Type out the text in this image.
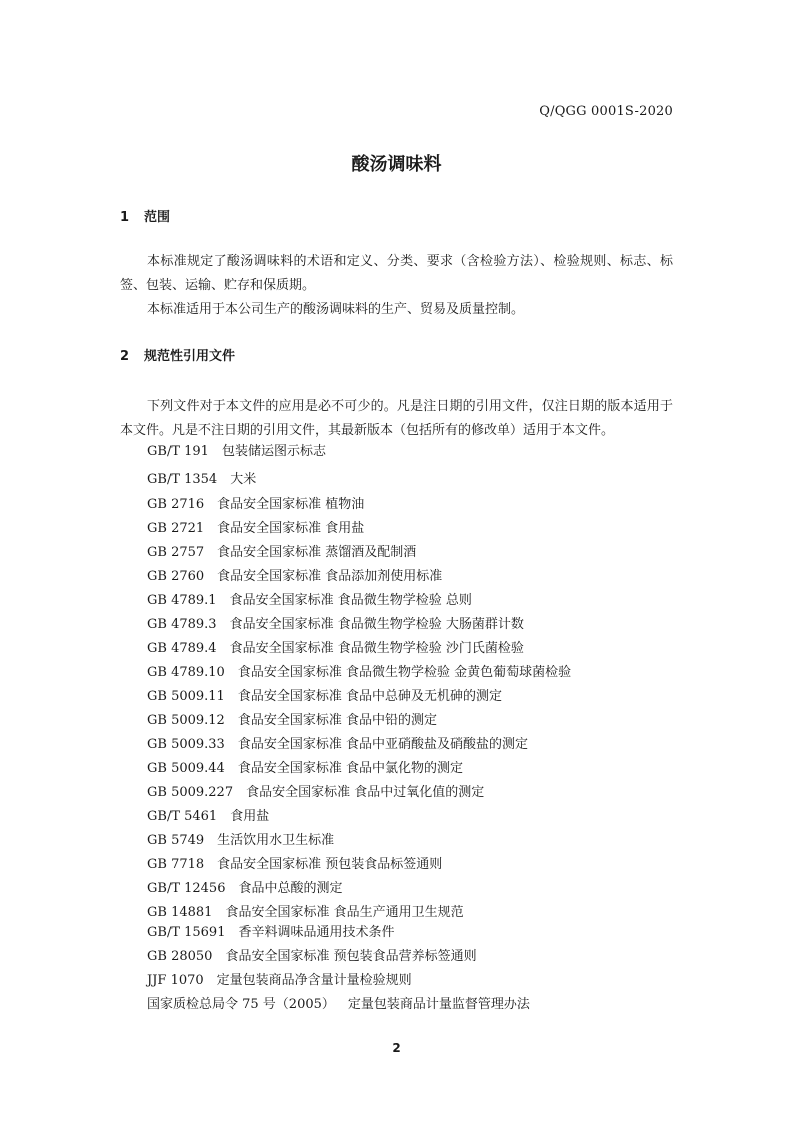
Q/QGG 0001S-2020
酸汤调味料
1 范围

本标准规定了酸汤调味料的术语和定义、分类、要求（含检验方法）、检验规则、标志、标签、包装、运输、贮存和保质期。

本标准适用于本公司生产的酸汤调味料的生产、贸易及质量控制。

2 规范性引用文件

下列文件对于本文件的应用是必不可少的。凡是注日期的引用文件，仅注日期的版本适用于本文件。凡是不注日期的引用文件，其最新版本（包括所有的修改单）适用于本文件。

GB/T 191   包装储运图示标志
GB/T 1354   大米
GB 2716   食品安全国家标准 植物油
GB 2721   食品安全国家标准 食用盐
GB 2757   食品安全国家标准 蒸馏酒及配制酒
GB 2760   食品安全国家标准 食品添加剂使用标准
GB 4789.1   食品安全国家标准 食品微生物学检验 总则
GB 4789.3   食品安全国家标准 食品微生物学检验 大肠菌群计数
GB 4789.4   食品安全国家标准 食品微生物学检验 沙门氏菌检验
GB 4789.10   食品安全国家标准 食品微生物学检验 金黄色葡萄球菌检验
GB 5009.11   食品安全国家标准 食品中总砷及无机砷的测定
GB 5009.12   食品安全国家标准 食品中铅的测定
GB 5009.33   食品安全国家标准 食品中亚硝酸盐及硝酸盐的测定
GB 5009.44   食品安全国家标准 食品中氯化物的测定
GB 5009.227   食品安全国家标准 食品中过氧化值的测定
GB/T 5461   食用盐
GB 5749   生活饮用水卫生标准
GB 7718   食品安全国家标准 预包装食品标签通则
GB/T 12456   食品中总酸的测定
GB 14881   食品安全国家标准 食品生产通用卫生规范
GB/T 15691   香辛料调味品通用技术条件
GB 28050   食品安全国家标准 预包装食品营养标签通则
JJF 1070   定量包装商品净含量计量检验规则
国家质检总局令 75 号（2005）   定量包装商品计量监督管理办法
2
